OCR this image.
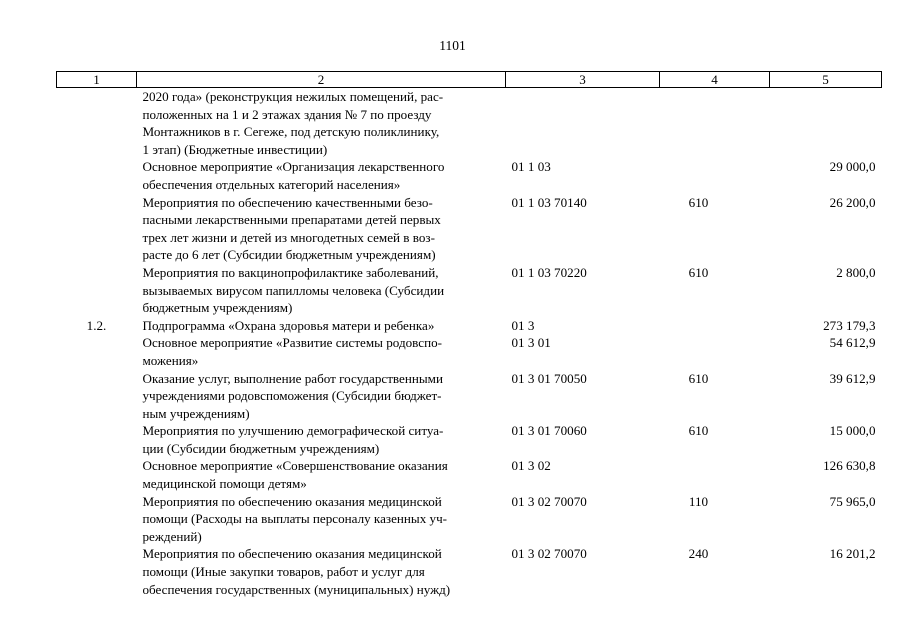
1101
1	2	3	4	5

	2020 года» (реконструкция нежилых помещений, рас-
положенных на 1 и 2 этажах здания № 7 по проезду
Монтажников в г. Сегеже, под детскую поликлинику,
1 этап) (Бюджетные инвестиции)			

	Основное мероприятие «Организация лекарственного
обеспечения отдельных категорий населения»	01 1 03		29 000,0

	Мероприятия по обеспечению качественными безо-
пасными лекарственными препаратами детей первых
трех лет жизни и детей из многодетных семей в воз-
расте до 6 лет (Субсидии бюджетным учреждениям)	01 1 03 70140	610	26 200,0

	Мероприятия по вакцинопрофилактике заболеваний,
вызываемых вирусом папилломы человека (Субсидии
бюджетным учреждениям)	01 1 03 70220	610	2 800,0
1.2.	Подпрограмма «Охрана здоровья матери и ребенка»	01 3		273 179,3

	Основное мероприятие «Развитие системы родовспо-
можения»	01 3 01		54 612,9

	Оказание услуг, выполнение работ государственными
учреждениями родовспоможения (Субсидии бюджет-
ным учреждениям)	01 3 01 70050	610	39 612,9

	Мероприятия по улучшению демографической ситуа-
ции (Субсидии бюджетным учреждениям)	01 3 01 70060	610	15 000,0

	Основное мероприятие «Совершенствование оказания
медицинской помощи детям»	01 3 02		126 630,8

	Мероприятия по обеспечению оказания медицинской
помощи (Расходы на выплаты персоналу казенных уч-
реждений)	01 3 02 70070	110	75 965,0

	Мероприятия по обеспечению оказания медицинской
помощи (Иные закупки товаров, работ и услуг для
обеспечения государственных (муниципальных) нужд)	01 3 02 70070	240	16 201,2
